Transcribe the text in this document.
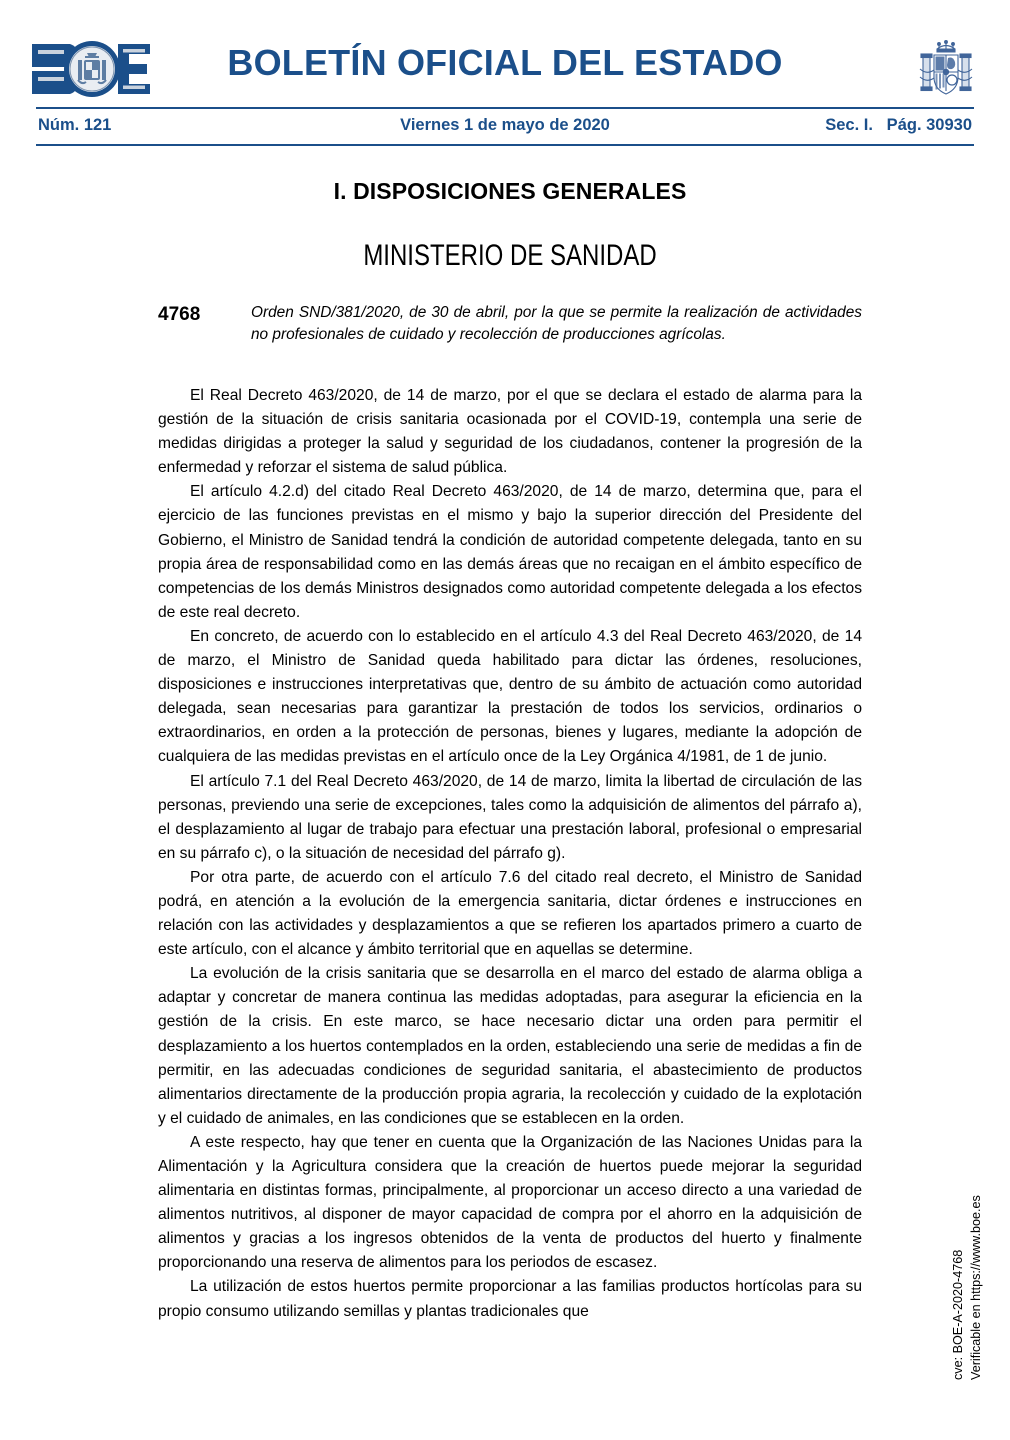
BOLETÍN OFICIAL DEL ESTADO
Núm. 121	Viernes 1 de mayo de 2020	Sec. I.   Pág. 30930
I. DISPOSICIONES GENERALES
MINISTERIO DE SANIDAD
4768	Orden SND/381/2020, de 30 de abril, por la que se permite la realización de actividades no profesionales de cuidado y recolección de producciones agrícolas.

El Real Decreto 463/2020, de 14 de marzo, por el que se declara el estado de alarma para la gestión de la situación de crisis sanitaria ocasionada por el COVID-19, contempla una serie de medidas dirigidas a proteger la salud y seguridad de los ciudadanos, contener la progresión de la enfermedad y reforzar el sistema de salud pública.

El artículo 4.2.d) del citado Real Decreto 463/2020, de 14 de marzo, determina que, para el ejercicio de las funciones previstas en el mismo y bajo la superior dirección del Presidente del Gobierno, el Ministro de Sanidad tendrá la condición de autoridad competente delegada, tanto en su propia área de responsabilidad como en las demás áreas que no recaigan en el ámbito específico de competencias de los demás Ministros designados como autoridad competente delegada a los efectos de este real decreto.

En concreto, de acuerdo con lo establecido en el artículo 4.3 del Real Decreto 463/2020, de 14 de marzo, el Ministro de Sanidad queda habilitado para dictar las órdenes, resoluciones, disposiciones e instrucciones interpretativas que, dentro de su ámbito de actuación como autoridad delegada, sean necesarias para garantizar la prestación de todos los servicios, ordinarios o extraordinarios, en orden a la protección de personas, bienes y lugares, mediante la adopción de cualquiera de las medidas previstas en el artículo once de la Ley Orgánica 4/1981, de 1 de junio.

El artículo 7.1 del Real Decreto 463/2020, de 14 de marzo, limita la libertad de circulación de las personas, previendo una serie de excepciones, tales como la adquisición de alimentos del párrafo a), el desplazamiento al lugar de trabajo para efectuar una prestación laboral, profesional o empresarial en su párrafo c), o la situación de necesidad del párrafo g).

Por otra parte, de acuerdo con el artículo 7.6 del citado real decreto, el Ministro de Sanidad podrá, en atención a la evolución de la emergencia sanitaria, dictar órdenes e instrucciones en relación con las actividades y desplazamientos a que se refieren los apartados primero a cuarto de este artículo, con el alcance y ámbito territorial que en aquellas se determine.

La evolución de la crisis sanitaria que se desarrolla en el marco del estado de alarma obliga a adaptar y concretar de manera continua las medidas adoptadas, para asegurar la eficiencia en la gestión de la crisis. En este marco, se hace necesario dictar una orden para permitir el desplazamiento a los huertos contemplados en la orden, estableciendo una serie de medidas a fin de permitir, en las adecuadas condiciones de seguridad sanitaria, el abastecimiento de productos alimentarios directamente de la producción propia agraria, la recolección y cuidado de la explotación y el cuidado de animales, en las condiciones que se establecen en la orden.

A este respecto, hay que tener en cuenta que la Organización de las Naciones Unidas para la Alimentación y la Agricultura considera que la creación de huertos puede mejorar la seguridad alimentaria en distintas formas, principalmente, al proporcionar un acceso directo a una variedad de alimentos nutritivos, al disponer de mayor capacidad de compra por el ahorro en la adquisición de alimentos y gracias a los ingresos obtenidos de la venta de productos del huerto y finalmente proporcionando una reserva de alimentos para los periodos de escasez.

La utilización de estos huertos permite proporcionar a las familias productos hortícolas para su propio consumo utilizando semillas y plantas tradicionales que	cve: BOE-A-2020-4768 Verificable en https://www.boe.es
